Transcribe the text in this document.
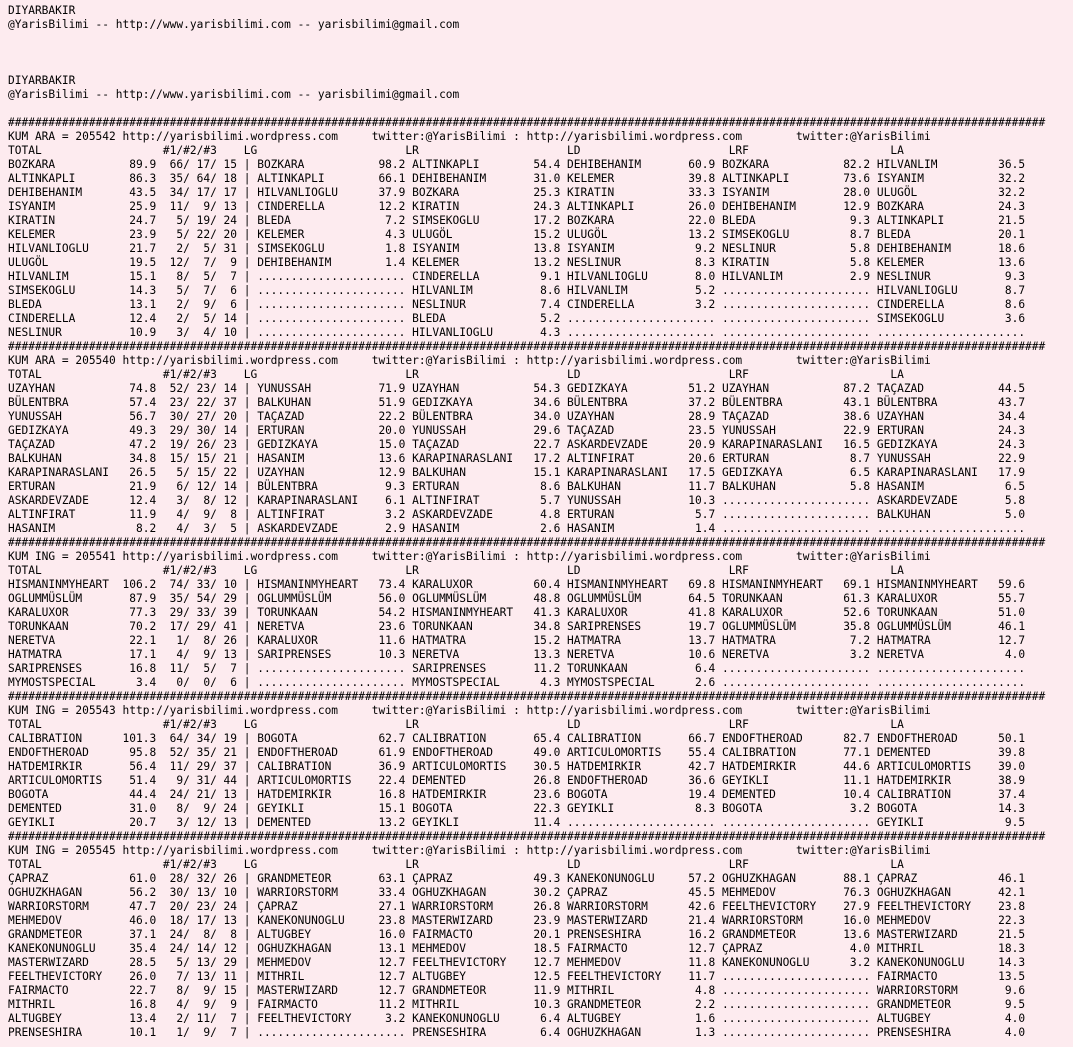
DIYARBAKIR
@YarisBilimi -- http://www.yarisbilimi.com -- yarisbilimi@gmail.com
DIYARBAKIR
@YarisBilimi -- http://www.yarisbilimi.com -- yarisbilimi@gmail.com
##########################################################################################################################################################
KUM ARA = 205542 http://yarisbilimi.wordpress.com     twitter:@YarisBilimi : http://yarisbilimi.wordpress.com        twitter:@YarisBilimi
TOTAL                  #1/#2/#3    LG                      LR                      LD                      LRF                     LA
BOZKARA           89.9  66/ 17/ 15 | BOZKARA           98.2 ALTINKAPLI        54.4 DEHIBEHANIM       60.9 BOZKARA           82.2 HILVANLIM         36.5
ALTINKAPLI        86.3  35/ 64/ 18 | ALTINKAPLI        66.1 DEHIBEHANIM       31.0 KELEMER           39.8 ALTINKAPLI        73.6 ISYANIM           32.2
DEHIBEHANIM       43.5  34/ 17/ 17 | HILVANLIOGLU      37.9 BOZKARA           25.3 KIRATIN           33.3 ISYANIM           28.0 ULUGÖL            32.2
ISYANIM           25.9  11/  9/ 13 | CINDERELLA        12.2 KIRATIN           24.3 ALTINKAPLI        26.0 DEHIBEHANIM       12.9 BOZKARA           24.3
KIRATIN           24.7   5/ 19/ 24 | BLEDA              7.2 SIMSEKOGLU        17.2 BOZKARA           22.0 BLEDA              9.3 ALTINKAPLI        21.5
KELEMER           23.9   5/ 22/ 20 | KELEMER            4.3 ULUGÖL            15.2 ULUGÖL            13.2 SIMSEKOGLU         8.7 BLEDA             20.1
HILVANLIOGLU      21.7   2/  5/ 31 | SIMSEKOGLU         1.8 ISYANIM           13.8 ISYANIM            9.2 NESLINUR           5.8 DEHIBEHANIM       18.6
ULUGÖL            19.5  12/  7/  9 | DEHIBEHANIM        1.4 KELEMER           13.2 NESLINUR           8.3 KIRATIN            5.8 KELEMER           13.6
HILVANLIM         15.1   8/  5/  7 | ...................... CINDERELLA         9.1 HILVANLIOGLU       8.0 HILVANLIM          2.9 NESLINUR           9.3
SIMSEKOGLU        14.3   5/  7/  6 | ...................... HILVANLIM          8.6 HILVANLIM          5.2 ...................... HILVANLIOGLU       8.7
BLEDA             13.1   2/  9/  6 | ...................... NESLINUR           7.4 CINDERELLA         3.2 ...................... CINDERELLA         8.6
CINDERELLA        12.4   2/  5/ 14 | ...................... BLEDA              5.2 ...................... ...................... SIMSEKOGLU         3.6
NESLINUR          10.9   3/  4/ 10 | ...................... HILVANLIOGLU       4.3 ...................... ...................... ......................
##########################################################################################################################################################
KUM ARA = 205540 http://yarisbilimi.wordpress.com     twitter:@YarisBilimi : http://yarisbilimi.wordpress.com        twitter:@YarisBilimi
TOTAL                  #1/#2/#3    LG                      LR                      LD                      LRF                     LA
UZAYHAN           74.8  52/ 23/ 14 | YUNUSSAH          71.9 UZAYHAN           54.3 GEDIZKAYA         51.2 UZAYHAN           87.2 TAÇAZAD           44.5
BÜLENTBRA         57.4  23/ 22/ 37 | BALKUHAN          51.9 GEDIZKAYA         34.6 BÜLENTBRA         37.2 BÜLENTBRA         43.1 BÜLENTBRA         43.7
YUNUSSAH          56.7  30/ 27/ 20 | TAÇAZAD           22.2 BÜLENTBRA         34.0 UZAYHAN           28.9 TAÇAZAD           38.6 UZAYHAN           34.4
GEDIZKAYA         49.3  29/ 30/ 14 | ERTURAN           20.0 YUNUSSAH          29.6 TAÇAZAD           23.5 YUNUSSAH          22.9 ERTURAN           24.3
TAÇAZAD           47.2  19/ 26/ 23 | GEDIZKAYA         15.0 TAÇAZAD           22.7 ASKARDEVZADE      20.9 KARAPINARASLANI   16.5 GEDIZKAYA         24.3
BALKUHAN          34.8  15/ 15/ 21 | HASANIM           13.6 KARAPINARASLANI   17.2 ALTINFIRAT        20.6 ERTURAN            8.7 YUNUSSAH          22.9
KARAPINARASLANI   26.5   5/ 15/ 22 | UZAYHAN           12.9 BALKUHAN          15.1 KARAPINARASLANI   17.5 GEDIZKAYA          6.5 KARAPINARASLANI   17.9
ERTURAN           21.9   6/ 12/ 14 | BÜLENTBRA          9.3 ERTURAN            8.6 BALKUHAN          11.7 BALKUHAN           5.8 HASANIM            6.5
ASKARDEVZADE      12.4   3/  8/ 12 | KARAPINARASLANI    6.1 ALTINFIRAT         5.7 YUNUSSAH          10.3 ...................... ASKARDEVZADE       5.8
ALTINFIRAT        11.9   4/  9/  8 | ALTINFIRAT         3.2 ASKARDEVZADE       4.8 ERTURAN            5.7 ...................... BALKUHAN           5.0
HASANIM            8.2   4/  3/  5 | ASKARDEVZADE       2.9 HASANIM            2.6 HASANIM            1.4 ...................... ......................
##########################################################################################################################################################
KUM ING = 205541 http://yarisbilimi.wordpress.com     twitter:@YarisBilimi : http://yarisbilimi.wordpress.com        twitter:@YarisBilimi
TOTAL                  #1/#2/#3    LG                      LR                      LD                      LRF                     LA
HISMANINMYHEART  106.2  74/ 33/ 10 | HISMANINMYHEART   73.4 KARALUXOR         60.4 HISMANINMYHEART   69.8 HISMANINMYHEART   69.1 HISMANINMYHEART   59.6
OGLUMMÜSLÜM       87.9  35/ 54/ 29 | OGLUMMÜSLÜM       56.0 OGLUMMÜSLÜM       48.8 OGLUMMÜSLÜM       64.5 TORUNKAAN         61.3 KARALUXOR         55.7
KARALUXOR         77.3  29/ 33/ 39 | TORUNKAAN         54.2 HISMANINMYHEART   41.3 KARALUXOR         41.8 KARALUXOR         52.6 TORUNKAAN         51.0
TORUNKAAN         70.2  17/ 29/ 41 | NERETVA           23.6 TORUNKAAN         34.8 SARIPRENSES       19.7 OGLUMMÜSLÜM       35.8 OGLUMMÜSLÜM       46.1
NERETVA           22.1   1/  8/ 26 | KARALUXOR         11.6 HATMATRA          15.2 HATMATRA          13.7 HATMATRA           7.2 HATMATRA          12.7
HATMATRA          17.1   4/  9/ 13 | SARIPRENSES       10.3 NERETVA           13.3 NERETVA           10.6 NERETVA            3.2 NERETVA            4.0
SARIPRENSES       16.8  11/  5/  7 | ...................... SARIPRENSES       11.2 TORUNKAAN          6.4 ...................... ......................
MYMOSTSPECIAL      3.4   0/  0/  6 | ...................... MYMOSTSPECIAL      4.3 MYMOSTSPECIAL      2.6 ...................... ......................
##########################################################################################################################################################
KUM ING = 205543 http://yarisbilimi.wordpress.com     twitter:@YarisBilimi : http://yarisbilimi.wordpress.com        twitter:@YarisBilimi
TOTAL                  #1/#2/#3    LG                      LR                      LD                      LRF                     LA
CALIBRATION      101.3  64/ 34/ 19 | BOGOTA            62.7 CALIBRATION       65.4 CALIBRATION       66.7 ENDOFTHEROAD      82.7 ENDOFTHEROAD      50.1
ENDOFTHEROAD      95.8  52/ 35/ 21 | ENDOFTHEROAD      61.9 ENDOFTHEROAD      49.0 ARTICULOMORTIS    55.4 CALIBRATION       77.1 DEMENTED          39.8
HATDEMIRKIR       56.4  11/ 29/ 37 | CALIBRATION       36.9 ARTICULOMORTIS    30.5 HATDEMIRKIR       42.7 HATDEMIRKIR       44.6 ARTICULOMORTIS    39.0
ARTICULOMORTIS    51.4   9/ 31/ 44 | ARTICULOMORTIS    22.4 DEMENTED          26.8 ENDOFTHEROAD      36.6 GEYIKLI           11.1 HATDEMIRKIR       38.9
BOGOTA            44.4  24/ 21/ 13 | HATDEMIRKIR       16.8 HATDEMIRKIR       23.6 BOGOTA            19.4 DEMENTED          10.4 CALIBRATION       37.4
DEMENTED          31.0   8/  9/ 24 | GEYIKLI           15.1 BOGOTA            22.3 GEYIKLI            8.3 BOGOTA             3.2 BOGOTA            14.3
GEYIKLI           20.7   3/ 12/ 13 | DEMENTED          13.2 GEYIKLI           11.4 ...................... ...................... GEYIKLI            9.5
##########################################################################################################################################################
KUM ING = 205545 http://yarisbilimi.wordpress.com     twitter:@YarisBilimi : http://yarisbilimi.wordpress.com        twitter:@YarisBilimi
TOTAL                  #1/#2/#3    LG                      LR                      LD                      LRF                     LA
ÇAPRAZ            61.0  28/ 32/ 26 | GRANDMETEOR       63.1 ÇAPRAZ            49.3 KANEKONUNOGLU     57.2 OGHUZKHAGAN       88.1 ÇAPRAZ            46.1
OGHUZKHAGAN       56.2  30/ 13/ 10 | WARRIORSTORM      33.4 OGHUZKHAGAN       30.2 ÇAPRAZ            45.5 MEHMEDOV          76.3 OGHUZKHAGAN       42.1
WARRIORSTORM      47.7  20/ 23/ 24 | ÇAPRAZ            27.1 WARRIORSTORM      26.8 WARRIORSTORM      42.6 FEELTHEVICTORY    27.9 FEELTHEVICTORY    23.8
MEHMEDOV          46.0  18/ 17/ 13 | KANEKONUNOGLU     23.8 MASTERWIZARD      23.9 MASTERWIZARD      21.4 WARRIORSTORM      16.0 MEHMEDOV          22.3
GRANDMETEOR       37.1  24/  8/  8 | ALTUGBEY          16.0 FAIRMACTO         20.1 PRENSESHIRA       16.2 GRANDMETEOR       13.6 MASTERWIZARD      21.5
KANEKONUNOGLU     35.4  24/ 14/ 12 | OGHUZKHAGAN       13.1 MEHMEDOV          18.5 FAIRMACTO         12.7 ÇAPRAZ             4.0 MITHRIL           18.3
MASTERWIZARD      28.5   5/ 13/ 29 | MEHMEDOV          12.7 FEELTHEVICTORY    12.7 MEHMEDOV          11.8 KANEKONUNOGLU      3.2 KANEKONUNOGLU     14.3
FEELTHEVICTORY    26.0   7/ 13/ 11 | MITHRIL           12.7 ALTUGBEY          12.5 FEELTHEVICTORY    11.7 ...................... FAIRMACTO         13.5
FAIRMACTO         22.7   8/  9/ 15 | MASTERWIZARD      12.7 GRANDMETEOR       11.9 MITHRIL            4.8 ...................... WARRIORSTORM       9.6
MITHRIL           16.8   4/  9/  9 | FAIRMACTO         11.2 MITHRIL           10.3 GRANDMETEOR        2.2 ...................... GRANDMETEOR        9.5
ALTUGBEY          13.4   2/ 11/  7 | FEELTHEVICTORY     3.2 KANEKONUNOGLU      6.4 ALTUGBEY           1.6 ...................... ALTUGBEY           4.0
PRENSESHIRA       10.1   1/  9/  7 | ...................... PRENSESHIRA        6.4 OGHUZKHAGAN        1.3 ...................... PRENSESHIRA        4.0
